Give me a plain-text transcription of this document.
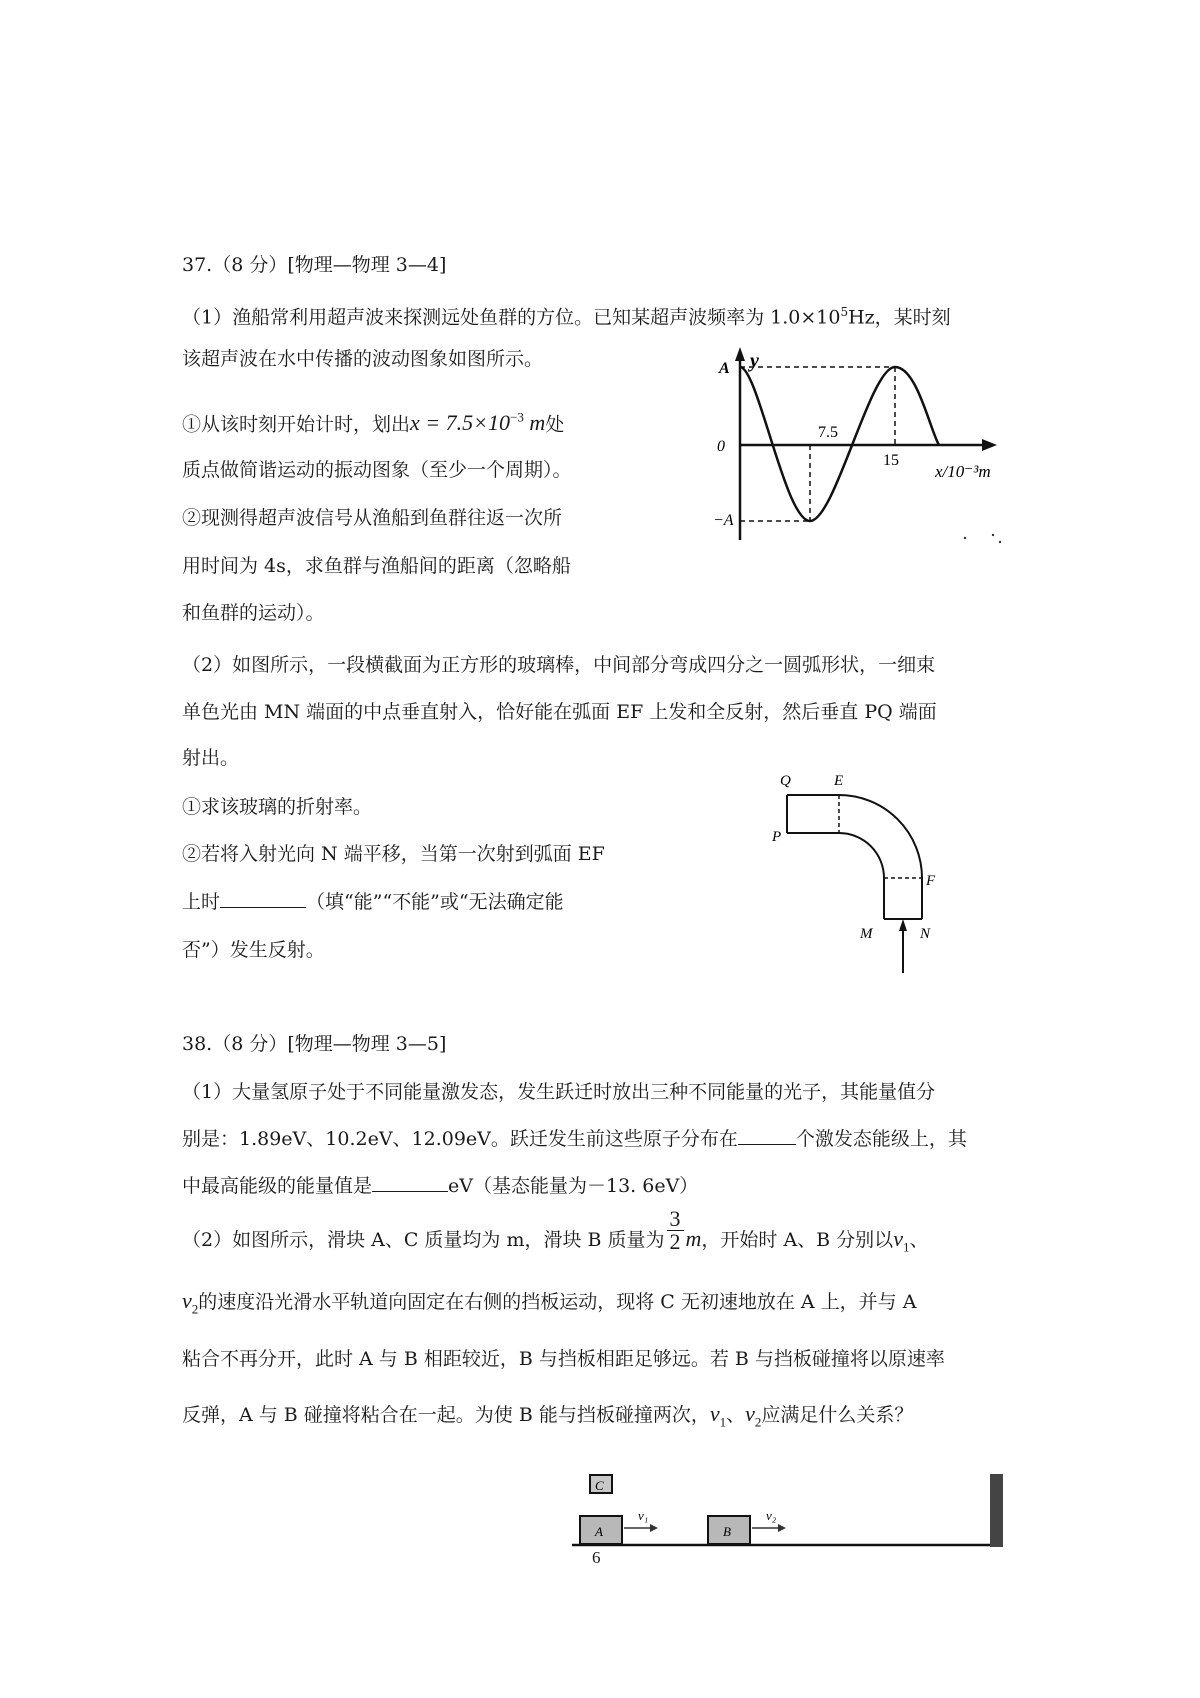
37.（8 分）[物理—物理 3—4]
（1）渔船常利用超声波来探测远处鱼群的方位。已知某超声波频率为 $1.0\times 10^5Hz$，某时刻
该超声波在水中传播的波动图象如图所示。
①从该时刻开始计时，划出$x = 7.5\times 10^{-3}$ m处
质点做简谐运动的振动图象（至少一个周期）。
②现测得超声波信号从渔船到鱼群往返一次所
用时间为 4s，求鱼群与渔船间的距离（忽略船
和鱼群的运动）。
y
x/10⁻³m
0
A
−A
7.5
15
（2）如图所示，一段横截面为正方形的玻璃棒，中间部分弯成四分之一圆弧形状，一细束
单色光由 MN 端面的中点垂直射入，恰好能在弧面 EF 上发和全反射，然后垂直 PQ 端面
射出。
①求该玻璃的折射率。
②若将入射光向 N 端平移，当第一次射到弧面 EF
上时	（填“能”“不能”或“无法确定能
否”）发生反射。
Q	E
P
F
M	N
38.（8 分）[物理—物理 3—5]
（1）大量氢原子处于不同能量激发态，发生跃迁时放出三种不同能量的光子，其能量值分
别是：1.89eV、10.2eV、12.09eV。跃迁发生前这些原子分布在	个激发态能级上，其
中最高能级的能量值是	eV（基态能量为－13. 6eV）
（2）如图所示，滑块 A、C 质量均为 m，滑块 B 质量为 $\frac{3}{2}$ m，开始时 A、B 分别以$v_1$、
$v_2$的速度沿光滑水平轨道向固定在右侧的挡板运动，现将 C 无初速地放在 A 上，并与 A
粘合不再分开，此时 A 与 B 相距较近，B 与挡板相距足够远。若 B 与挡板碰撞将以原速率
反弹，A 与 B 碰撞将粘合在一起。为使 B 能与挡板碰撞两次，$v_1$、$v_2$应满足什么关系？
C
A
v₁
B
v₂
6
